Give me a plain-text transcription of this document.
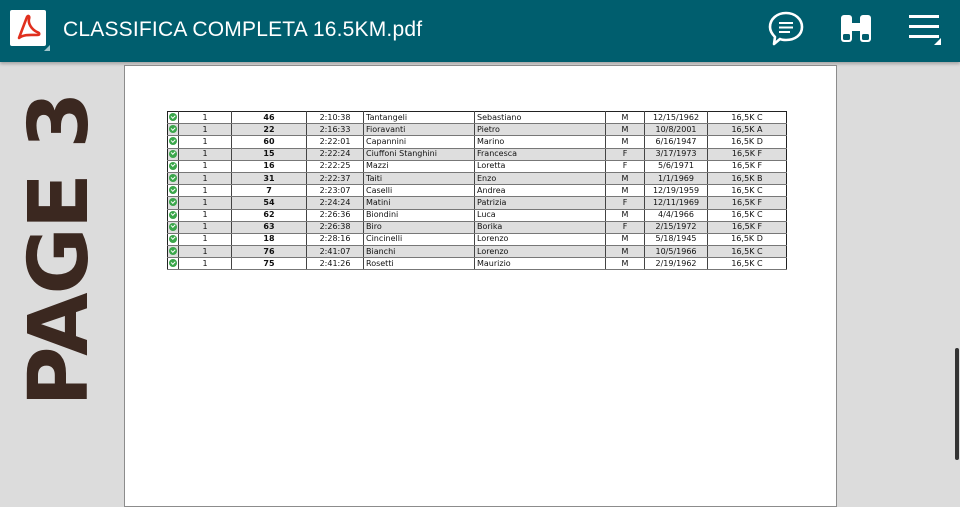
CLASSIFICA COMPLETA 16.5KM.pdf
PAGE 3
		1	46	2:10:38	Tantangeli	Sebastiano	M	12/15/1962	16,5K C
	1	22	2:16:33	Fioravanti	Pietro	M	10/8/2001	16,5K A
	1	60	2:22:01	Capannini	Marino	M	6/16/1947	16,5K D
	1	15	2:22:24	Ciuffoni Stanghini	Francesca	F	3/17/1973	16,5K F
	1	16	2:22:25	Mazzi	Loretta	F	5/6/1971	16,5K F
	1	31	2:22:37	Taiti	Enzo	M	1/1/1969	16,5K B
	1	7	2:23:07	Caselli	Andrea	M	12/19/1959	16,5K C
	1	54	2:24:24	Matini	Patrizia	F	12/11/1969	16,5K F
	1	62	2:26:36	Biondini	Luca	M	4/4/1966	16,5K C
	1	63	2:26:38	Biro	Borika	F	2/15/1972	16,5K F
	1	18	2:28:16	Cincinelli	Lorenzo	M	5/18/1945	16,5K D
	1	76	2:41:07	Bianchi	Lorenzo	M	10/5/1966	16,5K C
	1	75	2:41:26	Rosetti	Maurizio	M	2/19/1962	16,5K C
